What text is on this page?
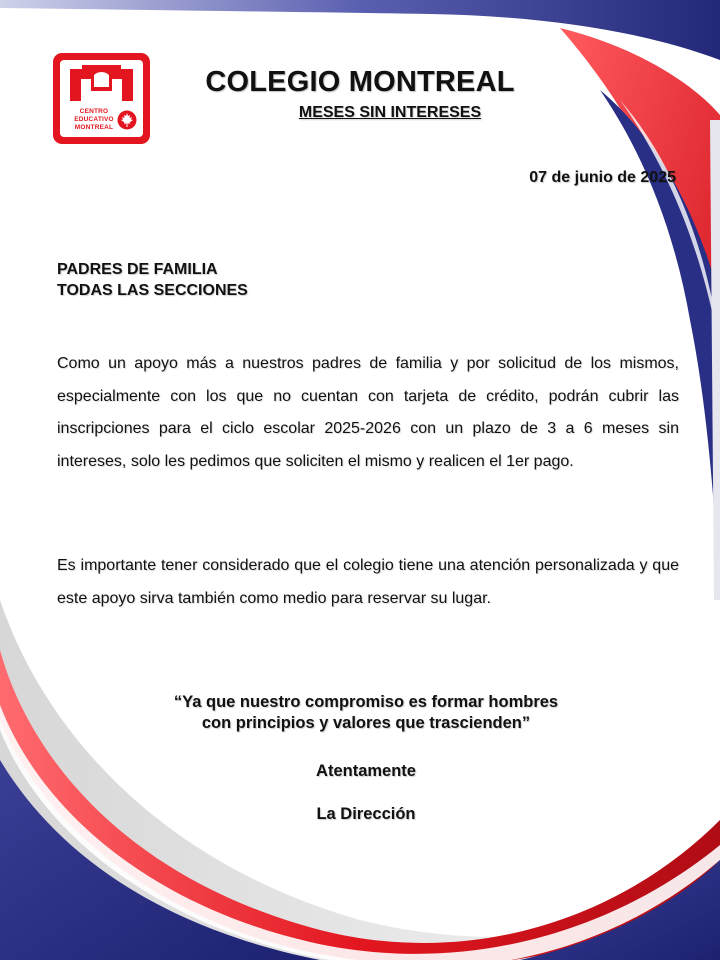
CENTRO
EDUCATIVO
MONTREAL
COLEGIO MONTREAL
MESES SIN INTERESES
07 de junio de 2025
PADRES DE FAMILIA
TODAS LAS SECCIONES
Como un apoyo más a nuestros padres de familia y por solicitud de los mismos, especialmente con los que no cuentan con tarjeta de crédito, podrán cubrir las inscripciones para el ciclo escolar 2025-2026 con un plazo de 3 a 6 meses sin intereses, solo les pedimos que soliciten el mismo y realicen el 1er pago.
Es importante tener considerado que el colegio tiene una atención personalizada y que este apoyo sirva también como medio para reservar su lugar.
“Ya que nuestro compromiso es formar hombres
con principios y valores que trascienden”
Atentamente
La Dirección
